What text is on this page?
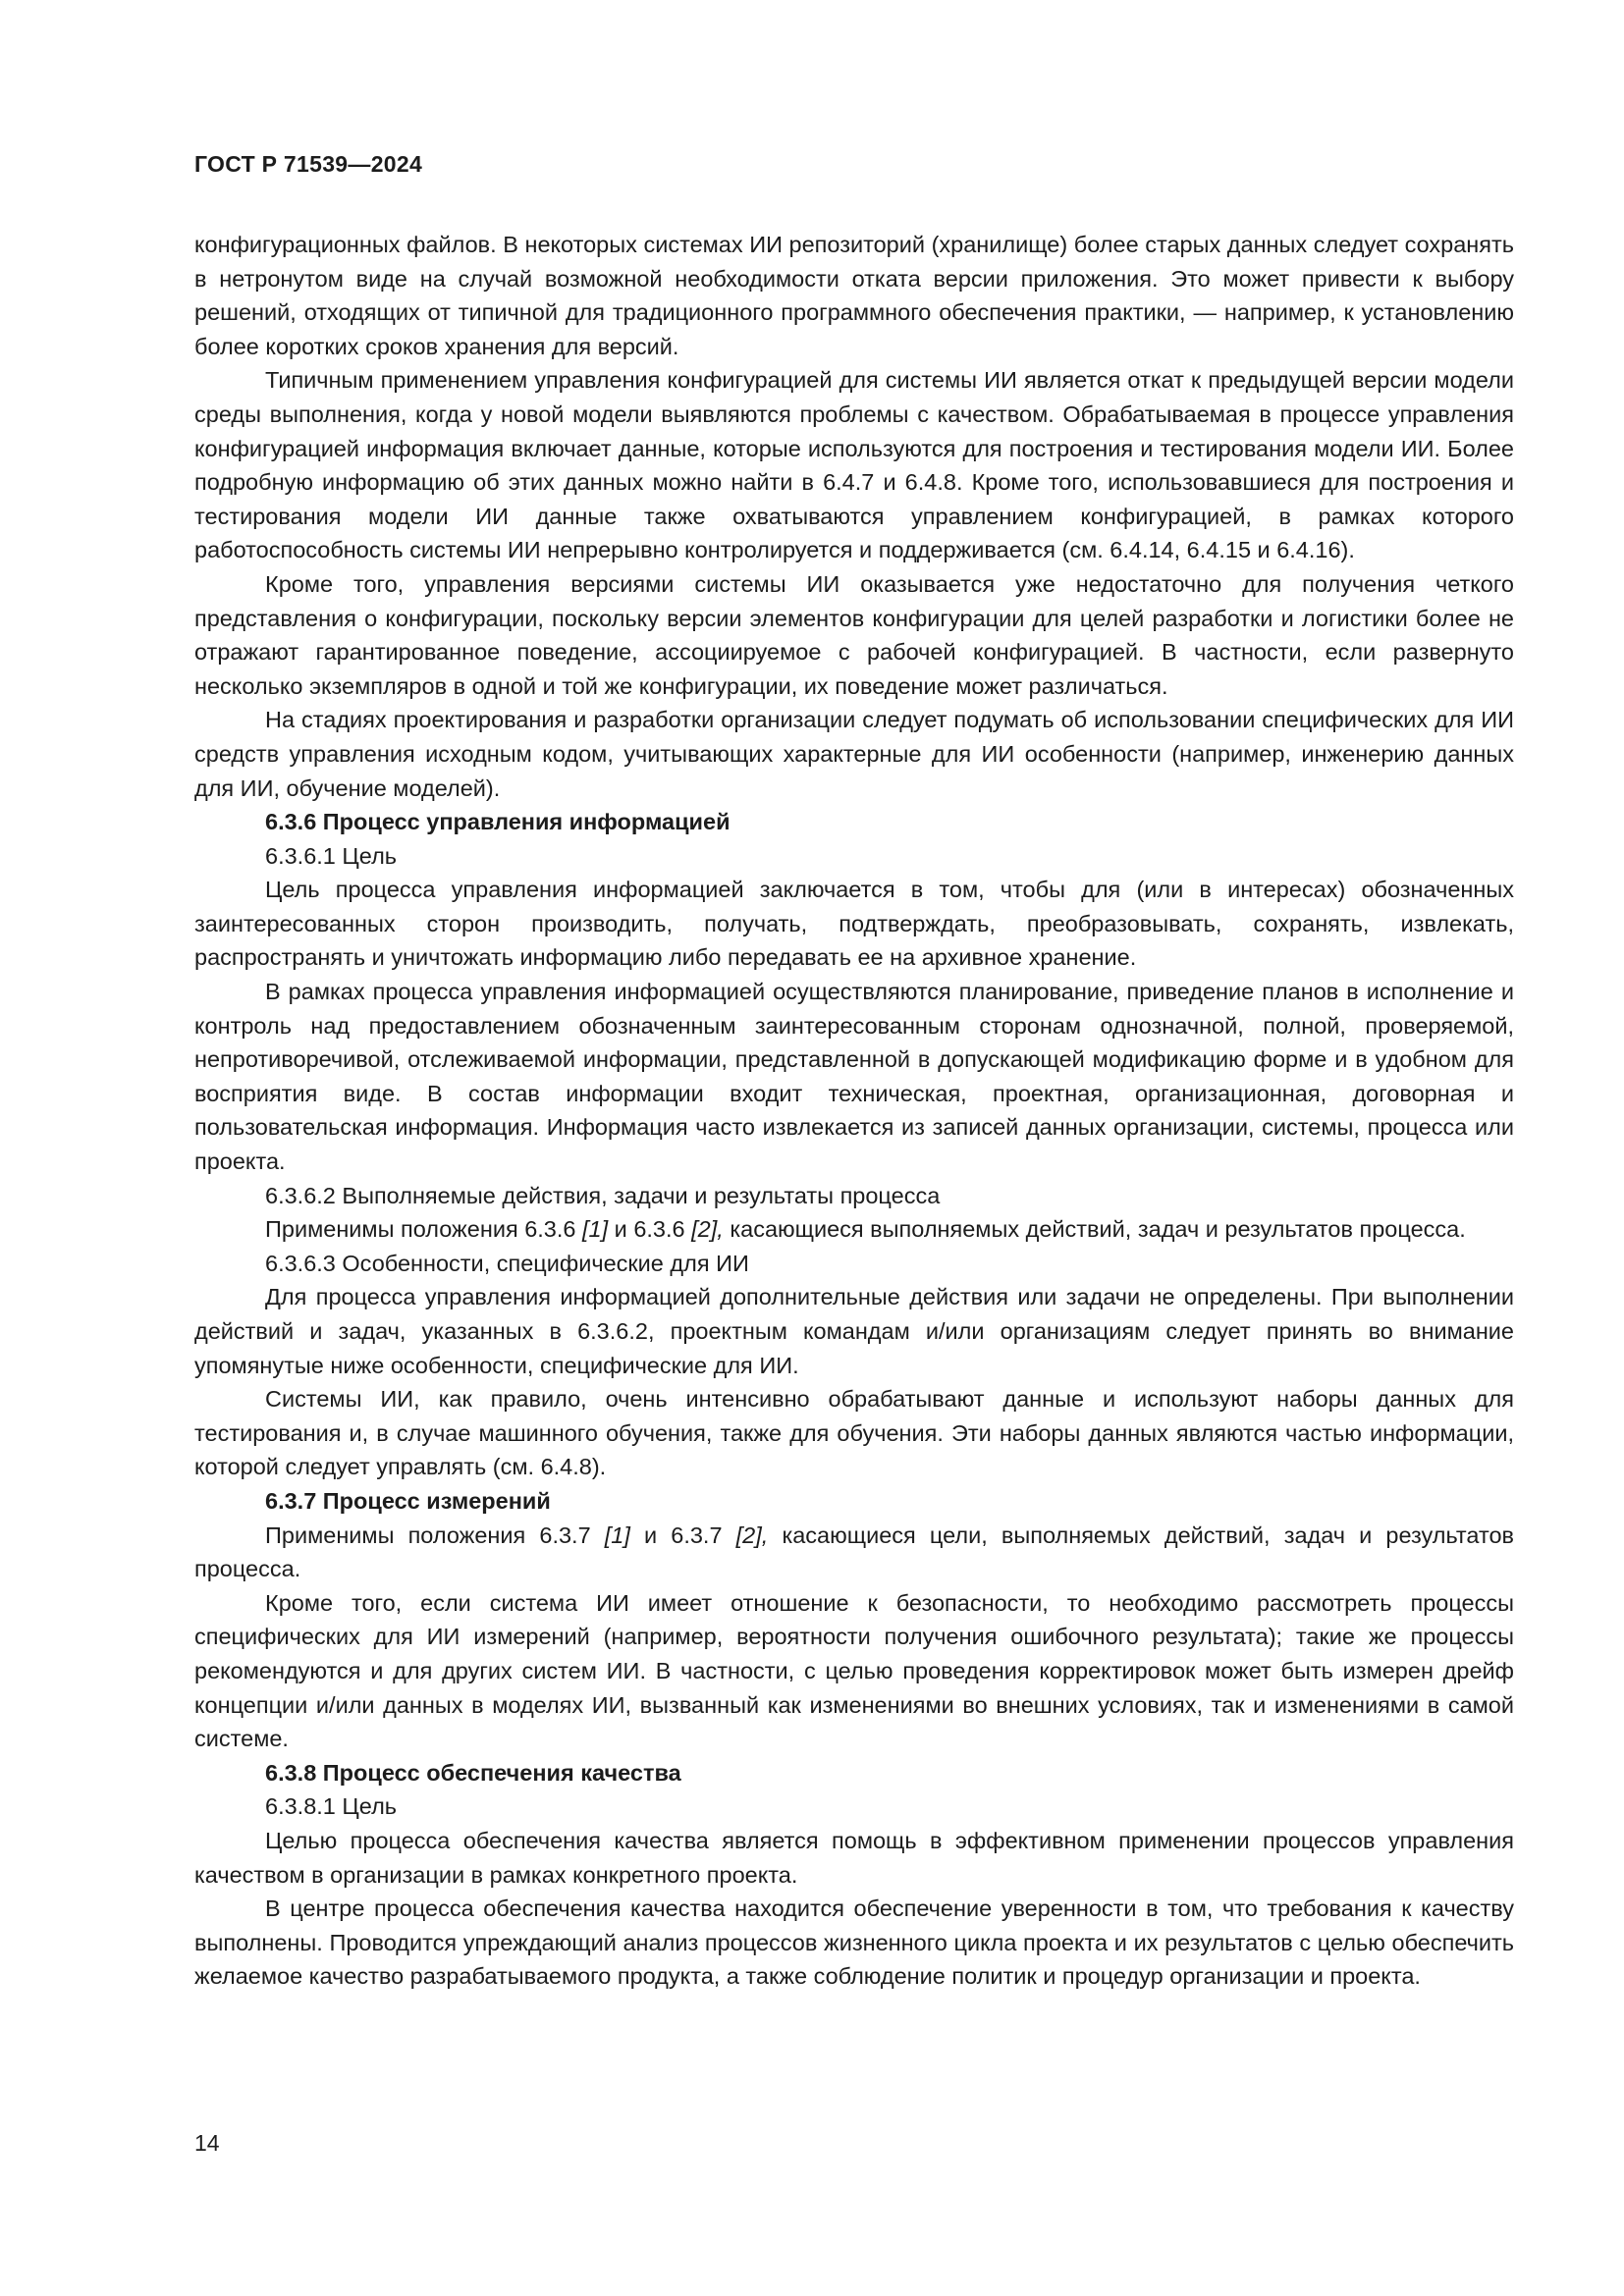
ГОСТ Р 71539—2024

конфигурационных файлов. В некоторых системах ИИ репозиторий (хранилище) более старых данных следует сохранять в нетронутом виде на случай возможной необходимости отката версии приложения. Это может привести к выбору решений, отходящих от типичной для традиционного программного обеспечения практики, — например, к установлению более коротких сроков хранения для версий.

Типичным применением управления конфигурацией для системы ИИ является откат к предыдущей версии модели среды выполнения, когда у новой модели выявляются проблемы с качеством. Обрабатываемая в процессе управления конфигурацией информация включает данные, которые используются для построения и тестирования модели ИИ. Более подробную информацию об этих данных можно найти в 6.4.7 и 6.4.8. Кроме того, использовавшиеся для построения и тестирования модели ИИ данные также охватываются управлением конфигурацией, в рамках которого работоспособность системы ИИ непрерывно контролируется и поддерживается (см. 6.4.14, 6.4.15 и 6.4.16).

Кроме того, управления версиями системы ИИ оказывается уже недостаточно для получения четкого представления о конфигурации, поскольку версии элементов конфигурации для целей разработки и логистики более не отражают гарантированное поведение, ассоциируемое с рабочей конфигурацией. В частности, если развернуто несколько экземпляров в одной и той же конфигурации, их поведение может различаться.

На стадиях проектирования и разработки организации следует подумать об использовании специфических для ИИ средств управления исходным кодом, учитывающих характерные для ИИ особенности (например, инженерию данных для ИИ, обучение моделей).

6.3.6 Процесс управления информацией

6.3.6.1 Цель

Цель процесса управления информацией заключается в том, чтобы для (или в интересах) обозначенных заинтересованных сторон производить, получать, подтверждать, преобразовывать, сохранять, извлекать, распространять и уничтожать информацию либо передавать ее на архивное хранение.

В рамках процесса управления информацией осуществляются планирование, приведение планов в исполнение и контроль над предоставлением обозначенным заинтересованным сторонам однозначной, полной, проверяемой, непротиворечивой, отслеживаемой информации, представленной в допускающей модификацию форме и в удобном для восприятия виде. В состав информации входит техническая, проектная, организационная, договорная и пользовательская информация. Информация часто извлекается из записей данных организации, системы, процесса или проекта.

6.3.6.2 Выполняемые действия, задачи и результаты процесса

Применимы положения 6.3.6 [1] и 6.3.6 [2], касающиеся выполняемых действий, задач и результатов процесса.

6.3.6.3 Особенности, специфические для ИИ

Для процесса управления информацией дополнительные действия или задачи не определены. При выполнении действий и задач, указанных в 6.3.6.2, проектным командам и/или организациям следует принять во внимание упомянутые ниже особенности, специфические для ИИ.

Системы ИИ, как правило, очень интенсивно обрабатывают данные и используют наборы данных для тестирования и, в случае машинного обучения, также для обучения. Эти наборы данных являются частью информации, которой следует управлять (см. 6.4.8).

6.3.7 Процесс измерений

Применимы положения 6.3.7 [1] и 6.3.7 [2], касающиеся цели, выполняемых действий, задач и результатов процесса.

Кроме того, если система ИИ имеет отношение к безопасности, то необходимо рассмотреть процессы специфических для ИИ измерений (например, вероятности получения ошибочного результата); такие же процессы рекомендуются и для других систем ИИ. В частности, с целью проведения корректировок может быть измерен дрейф концепции и/или данных в моделях ИИ, вызванный как изменениями во внешних условиях, так и изменениями в самой системе.

6.3.8 Процесс обеспечения качества

6.3.8.1 Цель

Целью процесса обеспечения качества является помощь в эффективном применении процессов управления качеством в организации в рамках конкретного проекта.

В центре процесса обеспечения качества находится обеспечение уверенности в том, что требования к качеству выполнены. Проводится упреждающий анализ процессов жизненного цикла проекта и их результатов с целью обеспечить желаемое качество разрабатываемого продукта, а также соблюдение политик и процедур организации и проекта.

14
